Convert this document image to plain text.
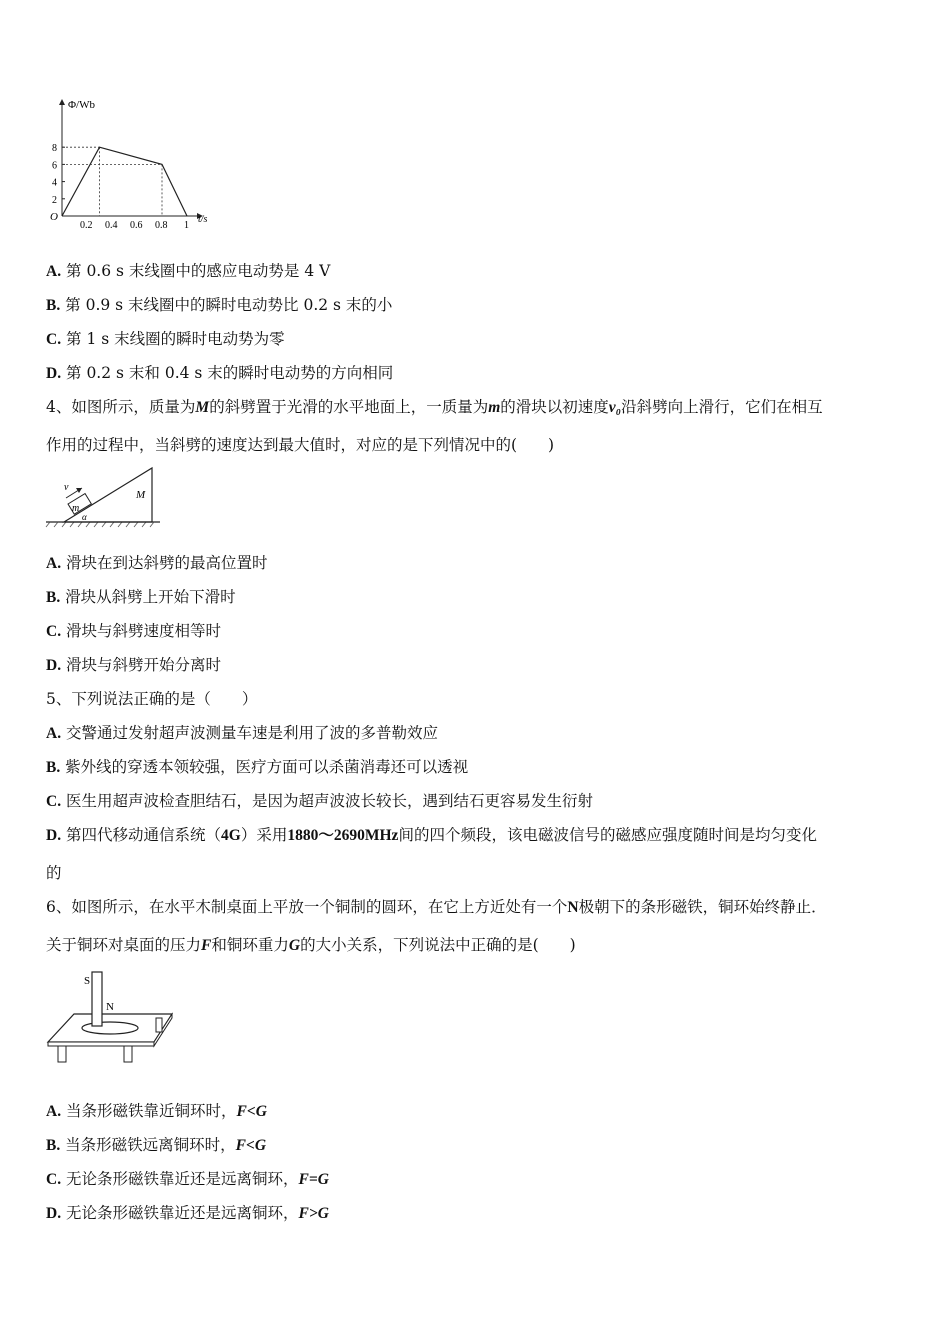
Φ/Wb
t/s
O
8
6
4
2
0.2 0.4 0.6 0.8 1
A. 第 0.6 s 末线圈中的感应电动势是 4 V
B. 第 0.9 s 末线圈中的瞬时电动势比 0.2 s 末的小
C. 第 1 s 末线圈的瞬时电动势为零
D. 第 0.2 s 末和 0.4 s 末的瞬时电动势的方向相同
4、如图所示，质量为M的斜劈置于光滑的水平地面上，一质量为m的滑块以初速度v₀沿斜劈向上滑行，它们在相互
作用的过程中，当斜劈的速度达到最大值时，对应的是下列情况中的(　　)
v
m
M
α
A. 滑块在到达斜劈的最高位置时
B. 滑块从斜劈上开始下滑时
C. 滑块与斜劈速度相等时
D. 滑块与斜劈开始分离时
5、下列说法正确的是（　　）
A. 交警通过发射超声波测量车速是利用了波的多普勒效应
B. 紫外线的穿透本领较强，医疗方面可以杀菌消毒还可以透视
C. 医生用超声波检查胆结石，是因为超声波波长较长，遇到结石更容易发生衍射
D. 第四代移动通信系统（4G）采用1880～2690MHz间的四个频段，该电磁波信号的磁感应强度随时间是均匀变化
的
6、如图所示，在水平木制桌面上平放一个铜制的圆环，在它上方近处有一个N极朝下的条形磁铁，铜环始终静止．
关于铜环对桌面的压力F和铜环重力G的大小关系，下列说法中正确的是(　　)
S
N
A. 当条形磁铁靠近铜环时，F<G
B. 当条形磁铁远离铜环时，F<G
C. 无论条形磁铁靠近还是远离铜环，F=G
D. 无论条形磁铁靠近还是远离铜环，F>G
